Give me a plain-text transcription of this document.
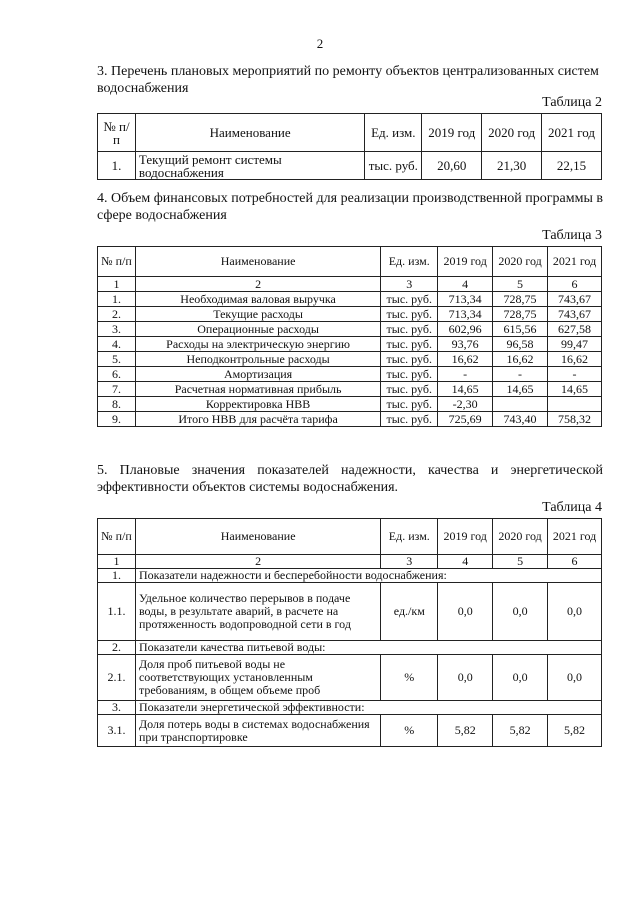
2
3. Перечень плановых мероприятий по ремонту объектов централизованных систем водоснабжения
Таблица 2
№ п/п	Наименование	Ед. изм.	2019 год	2020 год	2021 год
1.	Текущий ремонт системы водоснабжения	тыс. руб.	20,60	21,30	22,15
4. Объем финансовых потребностей для реализации производственной программы в сфере водоснабжения
Таблица 3
№ п/п	Наименование	Ед. изм.	2019 год	2020 год	2021 год
1	2	3	4	5	6
1.	Необходимая валовая выручка	тыс. руб.	713,34	728,75	743,67
2.	Текущие расходы	тыс. руб.	713,34	728,75	743,67
3.	Операционные расходы	тыс. руб.	602,96	615,56	627,58
4.	Расходы на электрическую энергию	тыс. руб.	93,76	96,58	99,47
5.	Неподконтрольные расходы	тыс. руб.	16,62	16,62	16,62
6.	Амортизация	тыс. руб.	-	-	-
7.	Расчетная нормативная прибыль	тыс. руб.	14,65	14,65	14,65
8.	Корректировка НВВ	тыс. руб.	-2,30		
9.	Итого НВВ для расчёта тарифа	тыс. руб.	725,69	743,40	758,32
5. Плановые значения показателей надежности, качества и энергетической эффективности объектов системы водоснабжения.
Таблица 4
№ п/п	Наименование	Ед. изм.	2019 год	2020 год	2021 год
1	2	3	4	5	6
1.	Показатели надежности и бесперебойности водоснабжения:				
1.1.	Удельное количество перерывов в подаче воды, в результате аварий, в расчете на протяженность водопроводной сети в год	ед./км	0,0	0,0	0,0
2.	Показатели качества питьевой воды:				
2.1.	Доля проб питьевой воды не соответствующих установленным требованиям, в общем объеме проб	%	0,0	0,0	0,0
3.	Показатели энергетической эффективности:				
3.1.	Доля потерь воды в системах водоснабжения при транспортировке	%	5,82	5,82	5,82
